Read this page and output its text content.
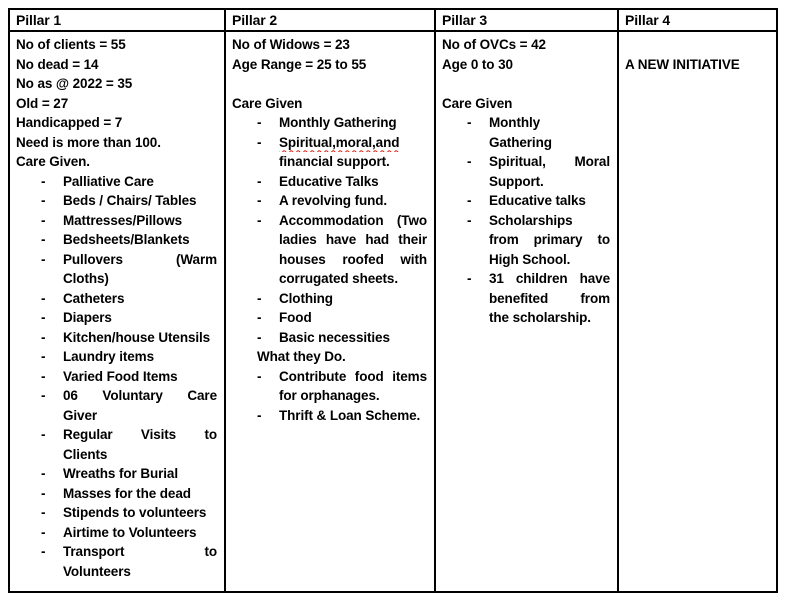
Pillar 1
No of clients = 55
No dead = 14
No as @ 2022 = 35
Old = 27
Handicapped = 7
Need is more than 100.
Care Given.
- Palliative Care
- Beds / Chairs/ Tables
- Mattresses/Pillows
- Bedsheets/Blankets
- Pullovers (Warm
Cloths)
- Catheters
- Diapers
- Kitchen/house Utensils
- Laundry items
- Varied Food Items
- 06 Voluntary Care
Giver
- Regular Visits to
Clients
- Wreaths for Burial
- Masses for the dead
- Stipends to volunteers
- Airtime to Volunteers
- Transport to
Volunteers
Pillar 2
No of Widows = 23
Age Range = 25 to 55
Care Given
- Monthly Gathering
- Spiritual,moral,and
financial support.
- Educative Talks
- A revolving fund.
- Accommodation (Two
ladies have had their
houses roofed with
corrugated sheets.
- Clothing
- Food
- Basic necessities
What they Do.
- Contribute food items
for orphanages.
- Thrift & Loan Scheme.
Pillar 3
No of OVCs = 42
Age 0 to 30
Care Given
- Monthly
Gathering
- Spiritual, Moral
Support.
- Educative talks
- Scholarships
from primary to
High School.
- 31 children have
benefited from
the scholarship.
Pillar 4
A NEW INITIATIVE
